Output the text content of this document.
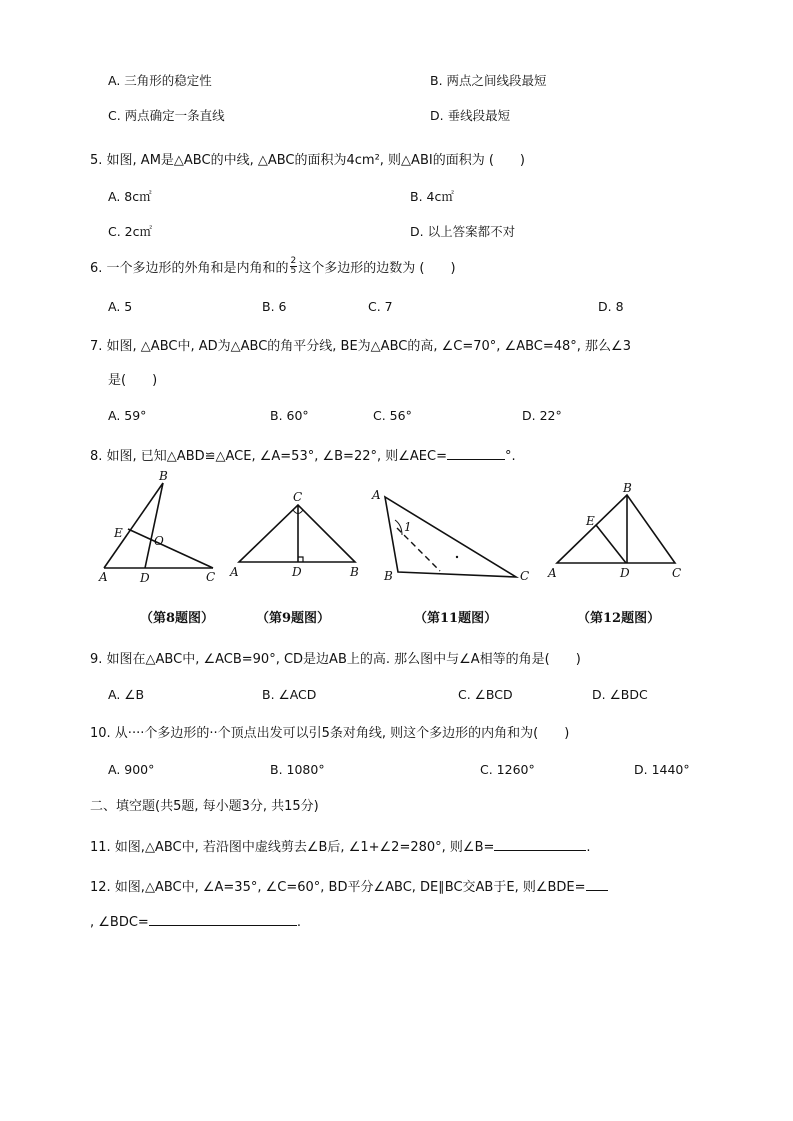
A. 三角形的稳定性	B. 两点之间线段最短
C. 两点确定一条直线	D. 垂线段最短
5. 如图, AM是△ABC的中线, △ABC的面积为4cm², 则△ABI的面积为 (　　)
A. 8c㎡	B. 4c㎡
C. 2c㎡	D. 以上答案都不对
6. 一个多边形的外角和是内角和的 $\frac{2}{5}$ 这个多边形的边数为 (　　)
A. 5	B. 6	C. 7	D. 8
7. 如图, △ABC中, AD为△ABC的角平分线, BE为△ABC的高, ∠C=70°, ∠ABC=48°, 那么∠3
是(　　)
A. 59°	B. 60°	C. 56°	D. 22°
8. 如图, 已知△ABD≌△ACE, ∠A=53°, ∠B=22°, 则∠AEC=	°.
B
E
O
A	D	C
C
A	D	B
A
1
B	C
B
E
A	D	C
（第8题图）	（第9题图）	（第11题图）	（第12题图）
9. 如图在△ABC中, ∠ACB=90°, CD是边AB上的高. 那么图中与∠A相等的角是(　　)
A. ∠B	B. ∠ACD	C. ∠BCD	D. ∠BDC
10. 从····个多边形的··个顶点出发可以引5条对角线, 则这个多边形的内角和为(　　)
A. 900°	B. 1080°	C. 1260°	D. 1440°
二、填空题(共5题, 每小题3分, 共15分)
11. 如图,△ABC中, 若沿图中虚线剪去∠B后, ∠1+∠2=280°, 则∠B=	.
12. 如图,△ABC中, ∠A=35°, ∠C=60°, BD平分∠ABC, DE∥BC交AB于E, 则∠BDE=
, ∠BDC=	.
